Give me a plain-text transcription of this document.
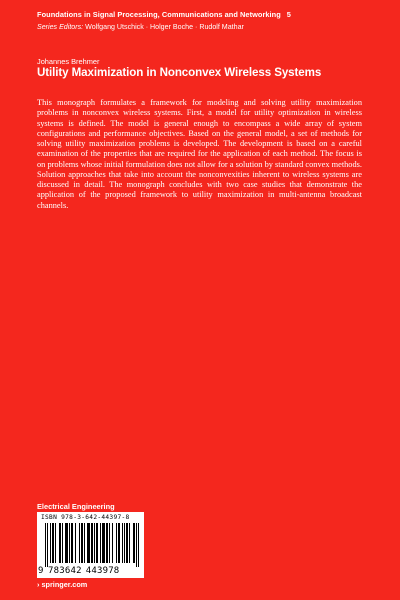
Foundations in Signal Processing, Communications and Networking 5
Series Editors: Wolfgang Utschick · Holger Boche · Rudolf Mathar
Johannes Brehmer
Utility Maximization in Nonconvex Wireless Systems

This monograph formulates a framework for modeling and solving utility maximization problems in nonconvex wireless systems. First, a model for utility optimization in wireless systems is defined. The model is general enough to encompass a wide array of system configurations and performance objectives. Based on the general model, a set of methods for solving utility maximization problems is developed. The development is based on a careful examination of the properties that are required for the application of each method. The focus is on problems whose initial formulation does not allow for a solution by standard convex methods. Solution approaches that take into account the nonconvexities inherent to wireless systems are discussed in detail. The monograph concludes with two case studies that demonstrate the application of the proposed framework to utility maximization in multi-antenna broadcast channels.

Electrical Engineering
ISBN 978-3-642-44397-8
9 783642 443978
› springer.com
